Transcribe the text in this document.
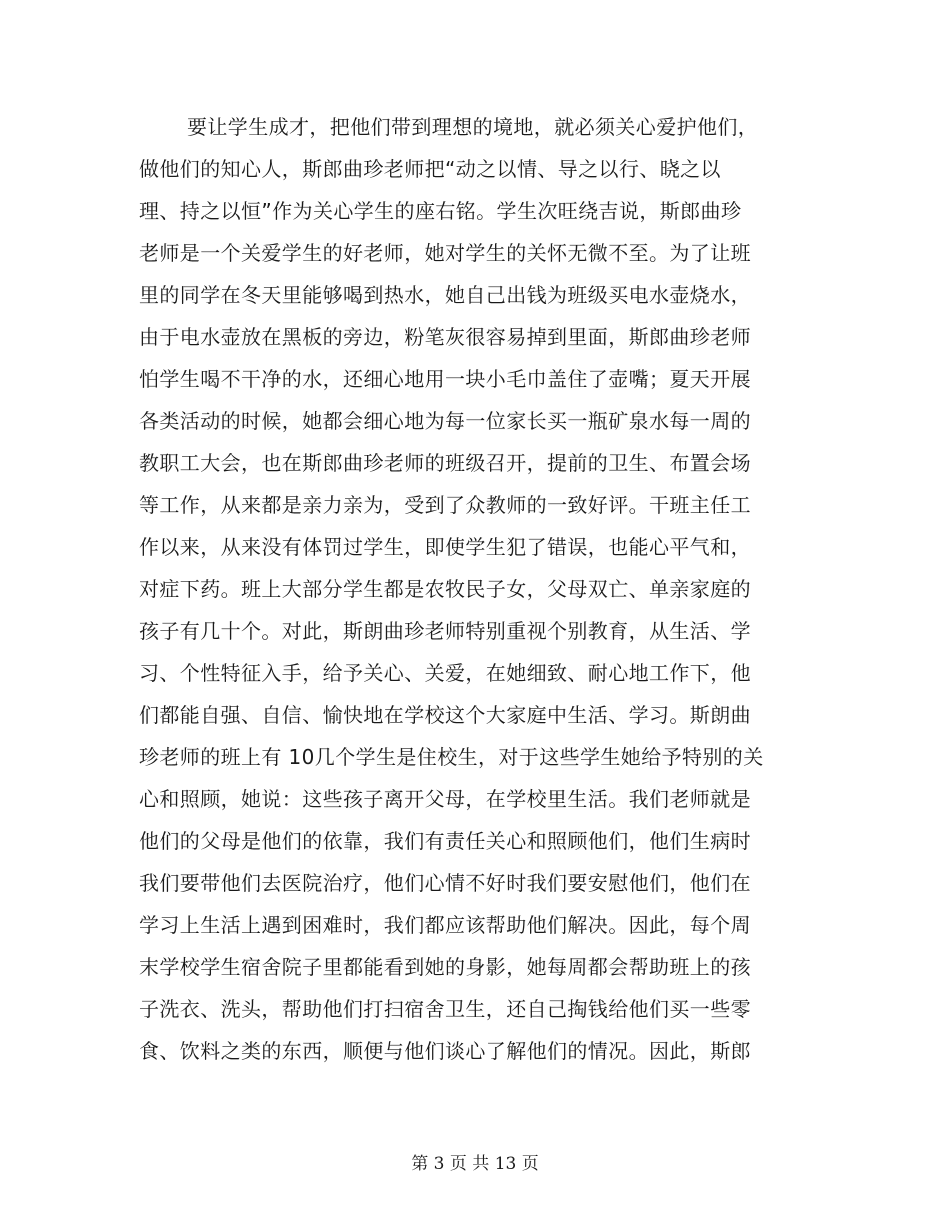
要让学生成才，把他们带到理想的境地，就必须关心爱护他们，
做他们的知心人，斯郎曲珍老师把“动之以情、导之以行、晓之以
理、持之以恒”作为关心学生的座右铭。学生次旺绕吉说，斯郎曲珍
老师是一个关爱学生的好老师，她对学生的关怀无微不至。为了让班
里的同学在冬天里能够喝到热水，她自己出钱为班级买电水壶烧水，
由于电水壶放在黑板的旁边，粉笔灰很容易掉到里面，斯郎曲珍老师
怕学生喝不干净的水，还细心地用一块小毛巾盖住了壶嘴；夏天开展
各类活动的时候，她都会细心地为每一位家长买一瓶矿泉水每一周的
教职工大会，也在斯郎曲珍老师的班级召开，提前的卫生、布置会场
等工作，从来都是亲力亲为，受到了众教师的一致好评。干班主任工
作以来，从来没有体罚过学生，即使学生犯了错误，也能心平气和，
对症下药。班上大部分学生都是农牧民子女，父母双亡、单亲家庭的
孩子有几十个。对此，斯朗曲珍老师特别重视个别教育，从生活、学
习、个性特征入手，给予关心、关爱，在她细致、耐心地工作下，他
们都能自强、自信、愉快地在学校这个大家庭中生活、学习。斯朗曲
珍老师的班上有 10几个学生是住校生，对于这些学生她给予特别的关
心和照顾，她说：这些孩子离开父母，在学校里生活。我们老师就是
他们的父母是他们的依靠，我们有责任关心和照顾他们，他们生病时
我们要带他们去医院治疗，他们心情不好时我们要安慰他们，他们在
学习上生活上遇到困难时，我们都应该帮助他们解决。因此，每个周
末学校学生宿舍院子里都能看到她的身影，她每周都会帮助班上的孩
子洗衣、洗头，帮助他们打扫宿舍卫生，还自己掏钱给他们买一些零
食、饮料之类的东西，顺便与他们谈心了解他们的情况。因此，斯郎
第 3 页 共 13 页
